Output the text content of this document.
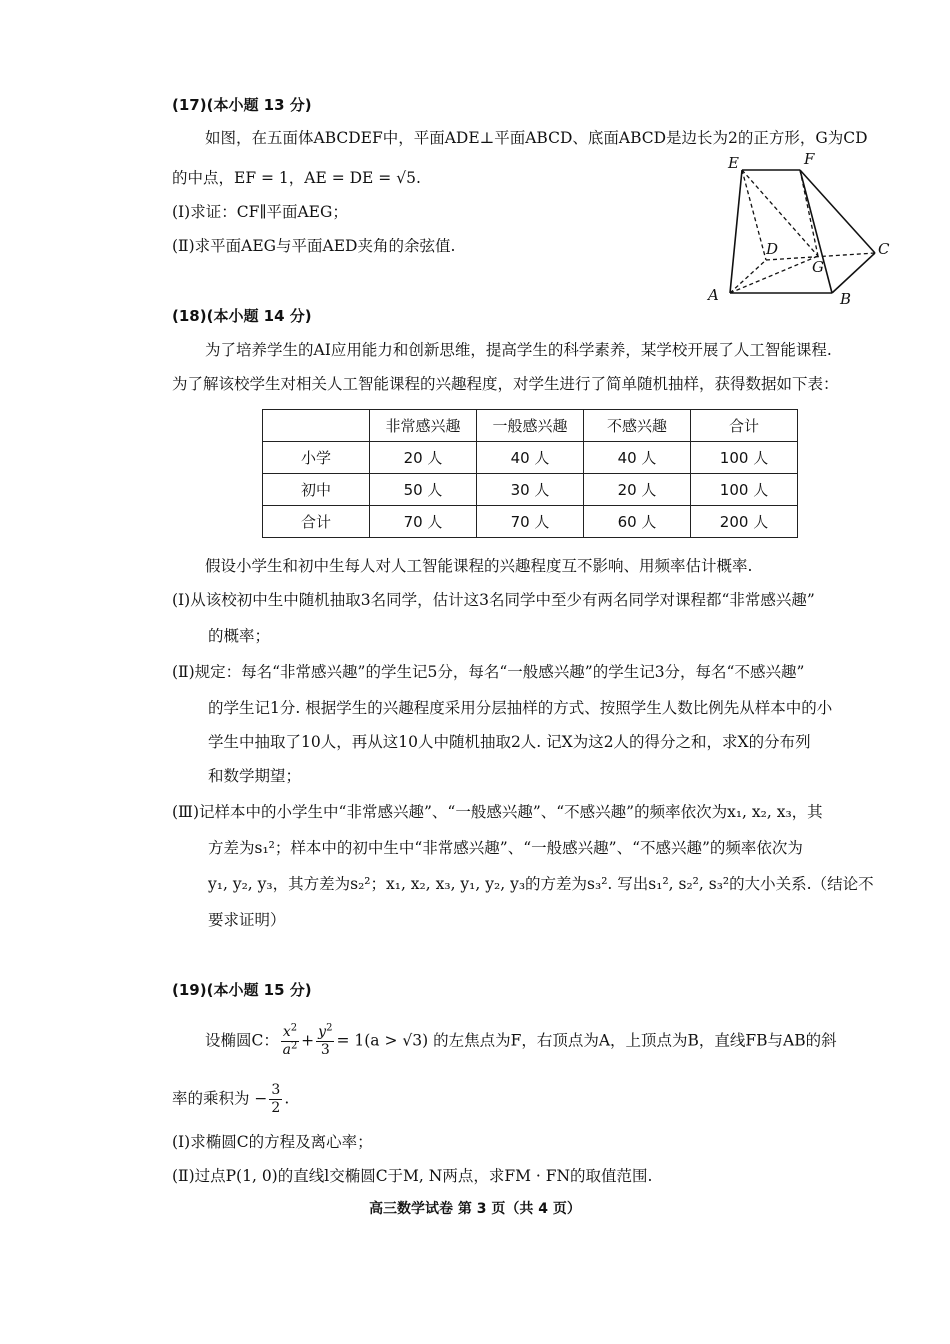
(17)(本小题 13 分)
如图，在五面体ABCDEF中，平面ADE⊥平面ABCD、底面ABCD是边长为2的正方形，G为CD
的中点，EF = 1，AE = DE = √5.
(Ⅰ)求证：CF∥平面AEG；
(Ⅱ)求平面AEG与平面AED夹角的余弦值.
E	F
D	C
G
A	B
(18)(本小题 14 分)
为了培养学生的AI应用能力和创新思维，提高学生的科学素养，某学校开展了人工智能课程.
为了解该校学生对相关人工智能课程的兴趣程度，对学生进行了简单随机抽样，获得数据如下表：
	非常感兴趣	一般感兴趣	不感兴趣	合计
小学	20 人	40 人	40 人	100 人
初中	50 人	30 人	20 人	100 人
合计	70 人	70 人	60 人	200 人
假设小学生和初中生每人对人工智能课程的兴趣程度互不影响、用频率估计概率.
(Ⅰ)从该校初中生中随机抽取3名同学，估计这3名同学中至少有两名同学对课程都“非常感兴趣”
的概率；
(Ⅱ)规定：每名“非常感兴趣”的学生记5分，每名“一般感兴趣”的学生记3分，每名“不感兴趣”
的学生记1分. 根据学生的兴趣程度采用分层抽样的方式、按照学生人数比例先从样本中的小
学生中抽取了10人，再从这10人中随机抽取2人. 记X为这2人的得分之和，求X的分布列
和数学期望；
(Ⅲ)记样本中的小学生中“非常感兴趣”、“一般感兴趣”、“不感兴趣”的频率依次为x₁, x₂, x₃，其
方差为s₁²；样本中的初中生中“非常感兴趣”、“一般感兴趣”、“不感兴趣”的频率依次为
y₁, y₂, y₃，其方差为s₂²；x₁, x₂, x₃, y₁, y₂, y₃的方差为s₃². 写出s₁², s₂², s₃²的大小关系.（结论不
要求证明）
(19)(本小题 15 分)
设椭圆C： $\frac{x^2}{a^2} + \frac{y^2}{3} = 1(a > √3)$ 的左焦点为F，右顶点为A，上顶点为B，直线FB与AB的斜
率的乘积为 − $\frac{3}{2}$ .
(Ⅰ)求椭圆C的方程及离心率；
(Ⅱ)过点P(1, 0)的直线l交椭圆C于M, N两点，求FM · FN的取值范围.
高三数学试卷 第 3 页（共 4 页）
